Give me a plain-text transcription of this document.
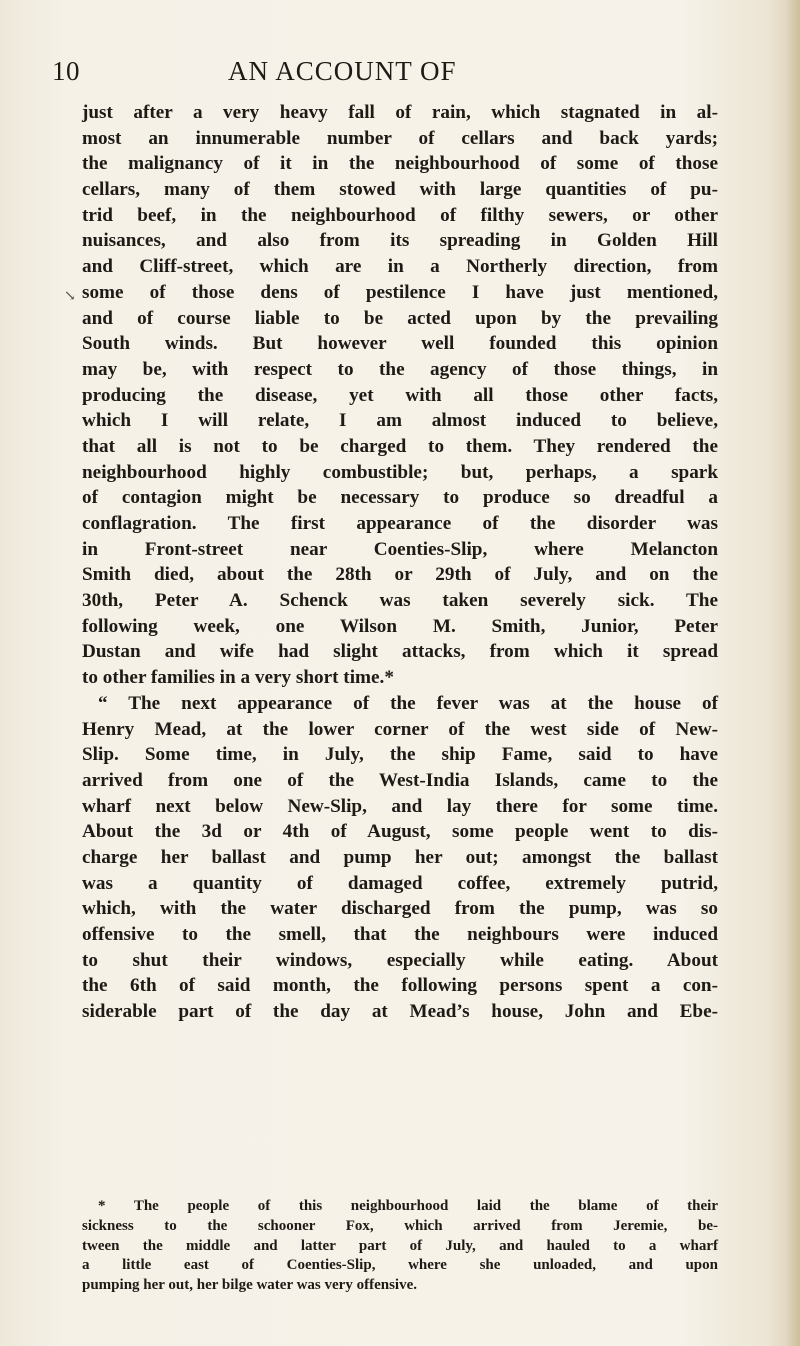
10	AN ACCOUNT OF
↘
just after a very heavy fall of rain, which stagnated in al-
most an innumerable number of cellars and back yards;
the malignancy of it in the neighbourhood of some of those
cellars, many of them stowed with large quantities of pu-
trid beef, in the neighbourhood of filthy sewers, or other
nuisances, and also from its spreading in Golden Hill
and Cliff-street, which are in a Northerly direction, from
some of those dens of pestilence I have just mentioned,
and of course liable to be acted upon by the prevailing
South winds. But however well founded this opinion
may be, with respect to the agency of those things, in
producing the disease, yet with all those other facts,
which I will relate, I am almost induced to believe,
that all is not to be charged to them. They rendered the
neighbourhood highly combustible; but, perhaps, a spark
of contagion might be necessary to produce so dreadful a
conflagration. The first appearance of the disorder was
in Front-street near Coenties-Slip, where Melancton
Smith died, about the 28th or 29th of July, and on the
30th, Peter A. Schenck was taken severely sick. The
following week, one Wilson M. Smith, Junior, Peter
Dustan and wife had slight attacks, from which it spread
to other families in a very short time.*
“ The next appearance of the fever was at the house of
Henry Mead, at the lower corner of the west side of New-
Slip. Some time, in July, the ship Fame, said to have
arrived from one of the West-India Islands, came to the
wharf next below New-Slip, and lay there for some time.
About the 3d or 4th of August, some people went to dis-
charge her ballast and pump her out; amongst the ballast
was a quantity of damaged coffee, extremely putrid,
which, with the water discharged from the pump, was so
offensive to the smell, that the neighbours were induced
to shut their windows, especially while eating. About
the 6th of said month, the following persons spent a con-
siderable part of the day at Mead’s house, John and Ebe-
* The people of this neighbourhood laid the blame of their
sickness to the schooner Fox, which arrived from Jeremie, be-
tween the middle and latter part of July, and hauled to a wharf
a little east of Coenties-Slip, where she unloaded, and upon
pumping her out, her bilge water was very offensive.
